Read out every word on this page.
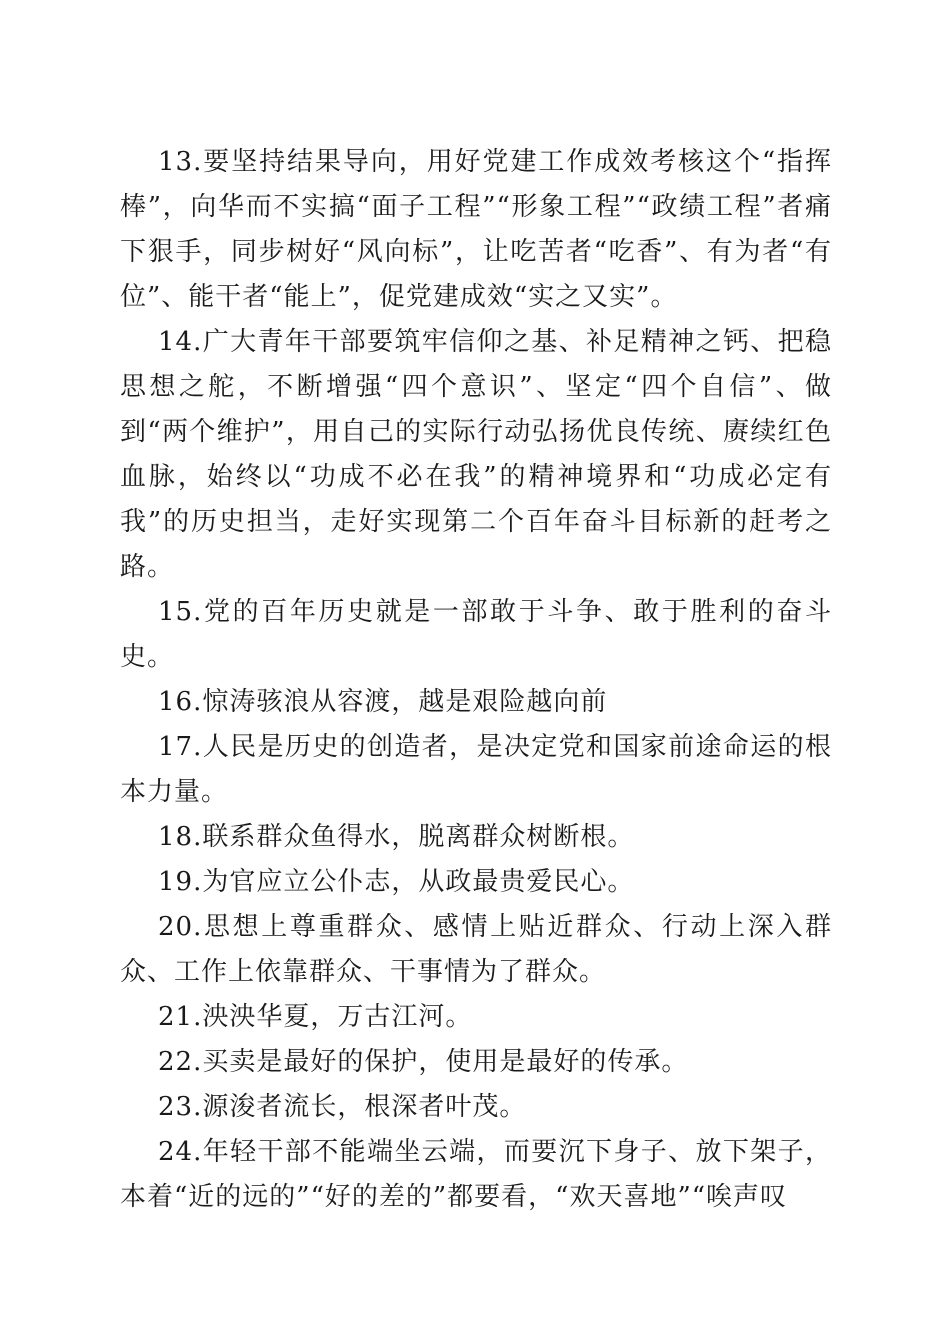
13.要坚持结果导向，用好党建工作成效考核这个“指挥棒”，向华而不实搞“面子工程”“形象工程”“政绩工程”者痛下狠手，同步树好“风向标”，让吃苦者“吃香”、有为者“有位”、能干者“能上”，促党建成效“实之又实”。

14.广大青年干部要筑牢信仰之基、补足精神之钙、把稳思想之舵，不断增强“四个意识”、坚定“四个自信”、做到“两个维护”，用自己的实际行动弘扬优良传统、赓续红色血脉，始终以“功成不必在我”的精神境界和“功成必定有我”的历史担当，走好实现第二个百年奋斗目标新的赶考之路。

15.党的百年历史就是一部敢于斗争、敢于胜利的奋斗史。

16.惊涛骇浪从容渡，越是艰险越向前

17.人民是历史的创造者，是决定党和国家前途命运的根本力量。

18.联系群众鱼得水，脱离群众树断根。

19.为官应立公仆志，从政最贵爱民心。

20.思想上尊重群众、感情上贴近群众、行动上深入群众、工作上依靠群众、干事情为了群众。

21.泱泱华夏，万古江河。

22.买卖是最好的保护，使用是最好的传承。

23.源浚者流长，根深者叶茂。

24.年轻干部不能端坐云端，而要沉下身子、放下架子，本着“近的远的”“好的差的”都要看，“欢天喜地”“唉声叹
